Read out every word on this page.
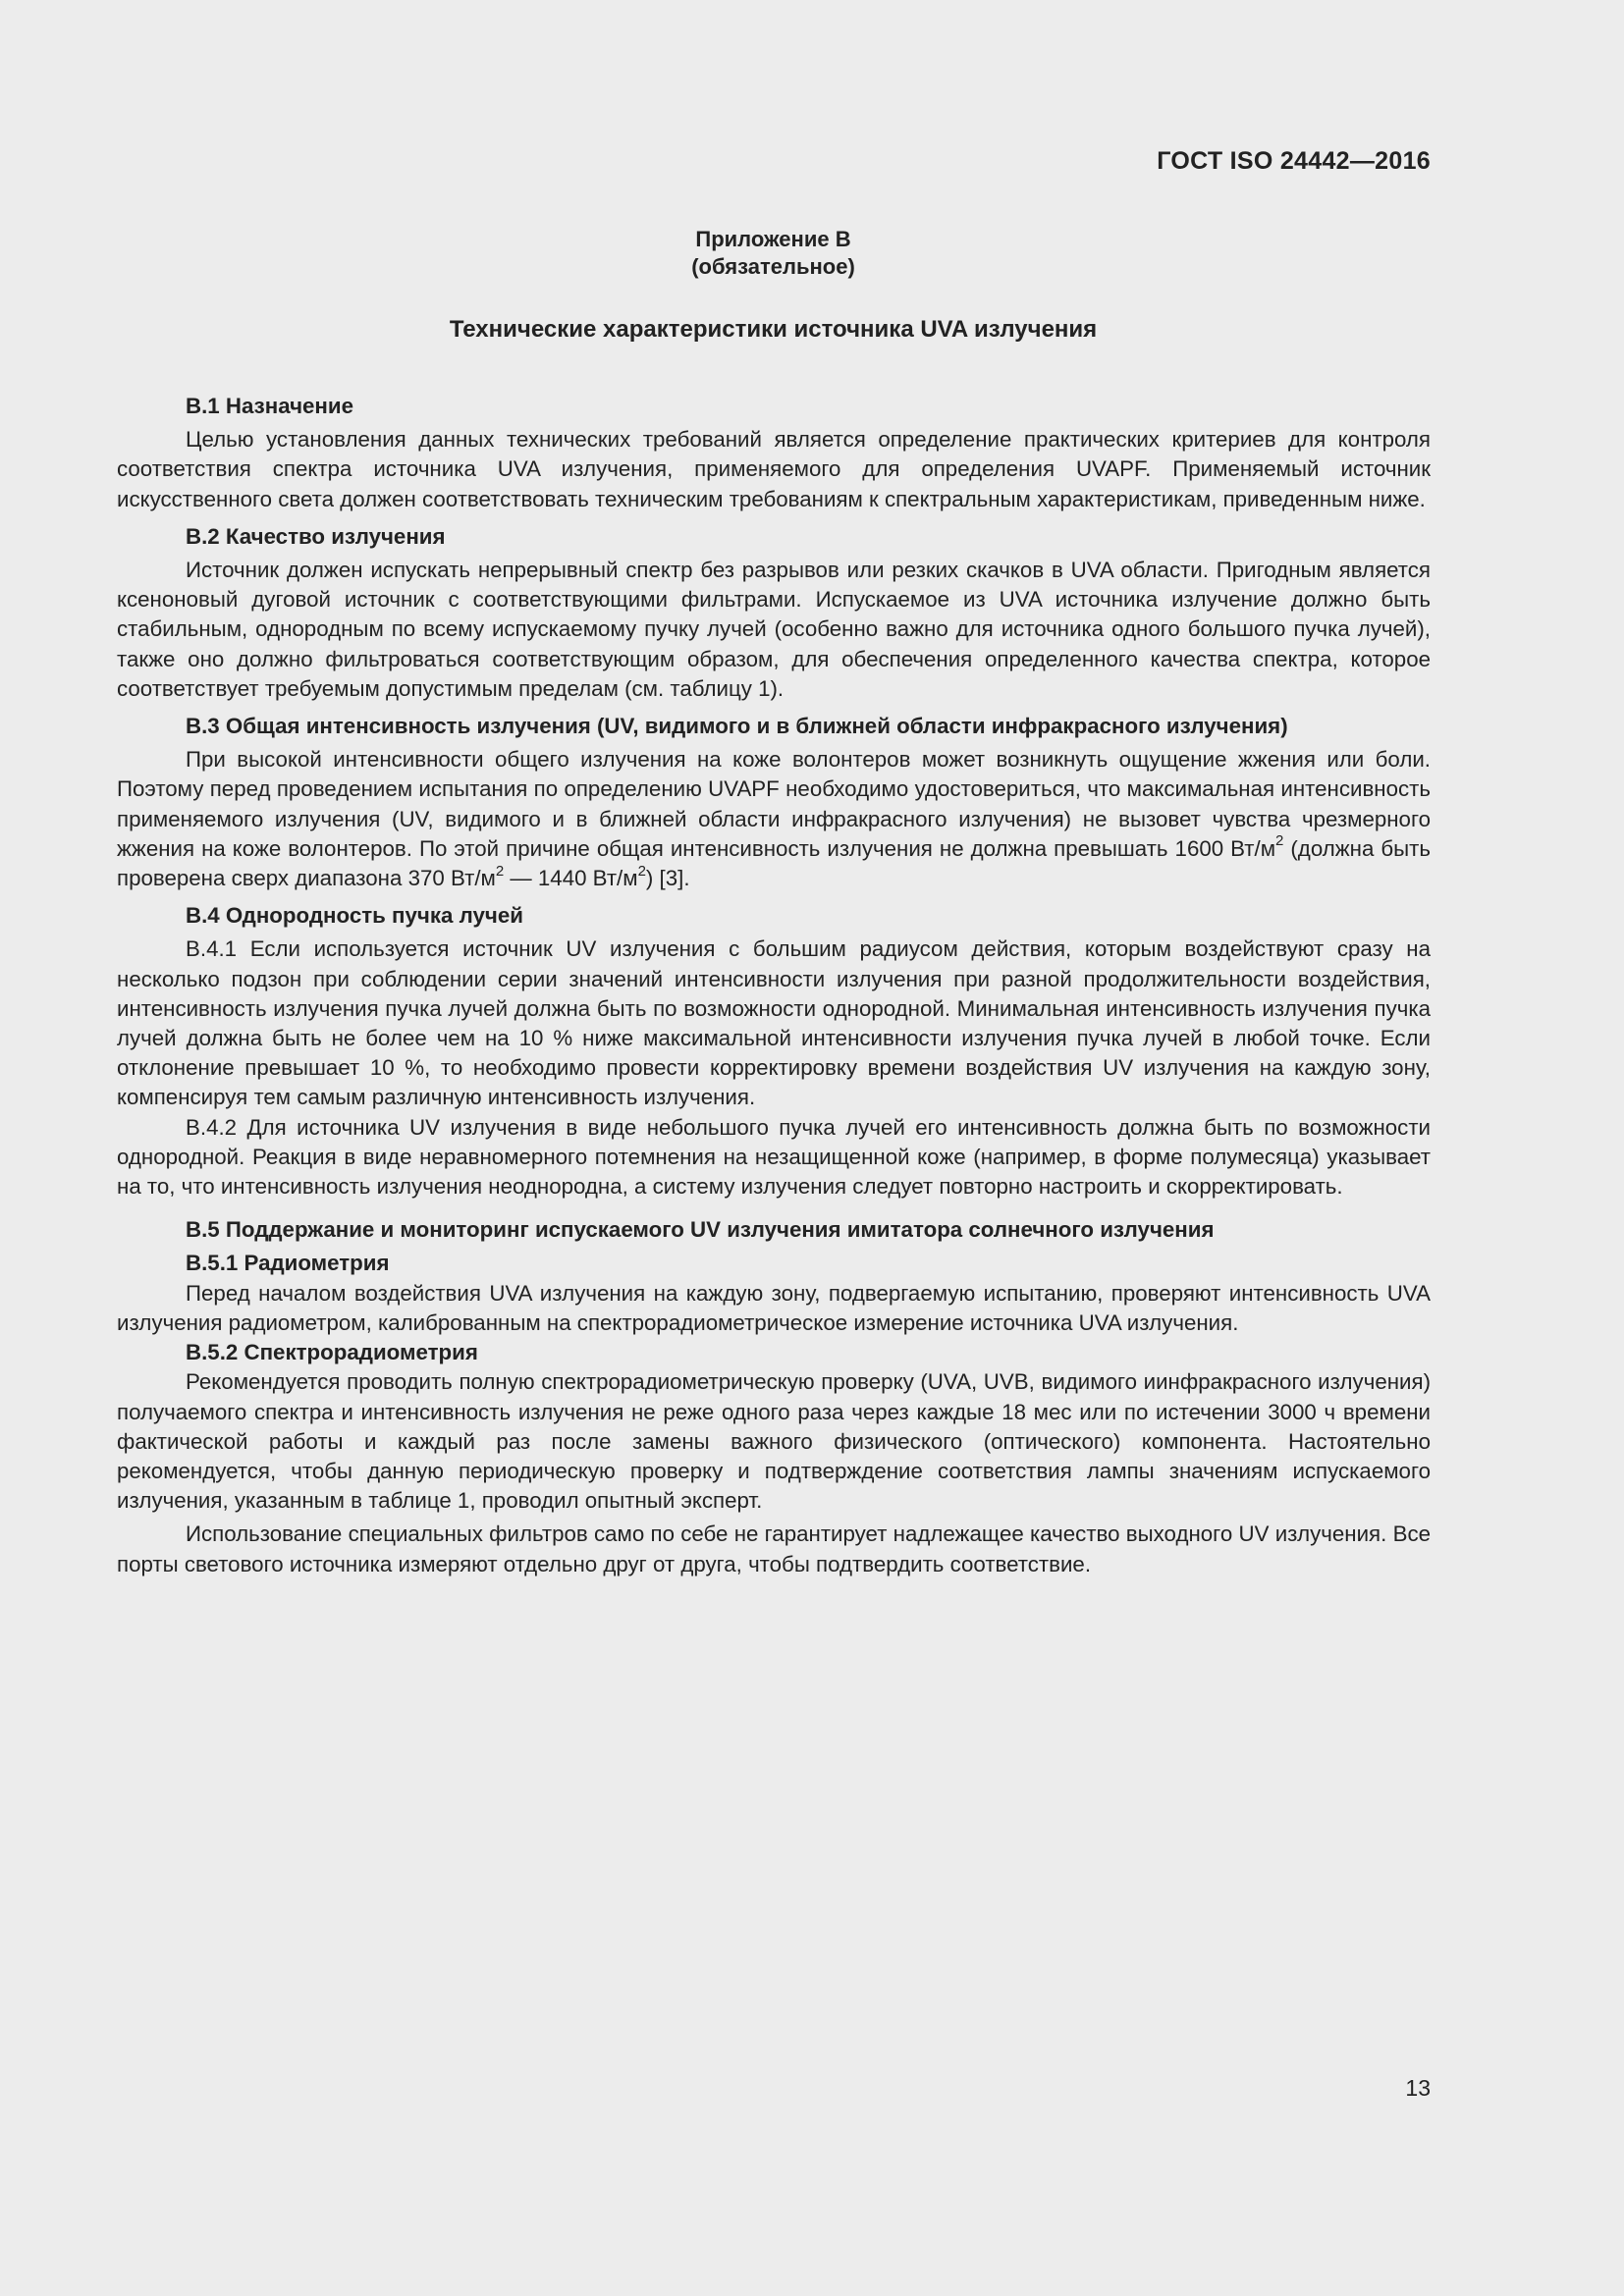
ГОСТ ISO 24442—2016
Приложение В
(обязательное)
Технические характеристики источника UVA излучения
В.1 Назначение

Целью установления данных технических требований является определение практических критериев для контроля соответствия спектра источника UVA излучения, применяемого для определения UVAPF. Применяемый источник искусственного света должен соответствовать техническим требованиям к спектральным характеристикам, приведенным ниже.

В.2 Качество излучения

Источник должен испускать непрерывный спектр без разрывов или резких скачков в UVA области. Пригодным является ксеноновый дуговой источник с соответствующими фильтрами. Испускаемое из UVA источника излучение должно быть стабильным, однородным по всему испускаемому пучку лучей (особенно важно для источника одного большого пучка лучей), также оно должно фильтроваться соответствующим образом, для обеспечения определенного качества спектра, которое соответствует требуемым допустимым пределам (см. таблицу 1).

В.3 Общая интенсивность излучения (UV, видимого и в ближней области инфракрасного излучения)

При высокой интенсивности общего излучения на коже волонтеров может возникнуть ощущение жжения или боли. Поэтому перед проведением испытания по определению UVAPF необходимо удостовериться, что максимальная интенсивность применяемого излучения (UV, видимого и в ближней области инфракрасного излучения) не вызовет чувства чрезмерного жжения на коже волонтеров. По этой причине общая интенсивность излучения не должна превышать 1600 $Вт/м^2$ (должна быть проверена сверх диапазона 370 $Вт/м^2$ — 1440 $Вт/м^2$) [3].

В.4 Однородность пучка лучей

В.4.1 Если используется источник UV излучения с большим радиусом действия, которым воздействуют сразу на несколько подзон при соблюдении серии значений интенсивности излучения при разной продолжительности воздействия, интенсивность излучения пучка лучей должна быть по возможности однородной. Минимальная интенсивность излучения пучка лучей должна быть не более чем на 10 % ниже максимальной интенсивности излучения пучка лучей в любой точке. Если отклонение превышает 10 %, то необходимо провести корректировку времени воздействия UV излучения на каждую зону, компенсируя тем самым различную интенсивность излучения.

В.4.2 Для источника UV излучения в виде небольшого пучка лучей его интенсивность должна быть по возможности однородной. Реакция в виде неравномерного потемнения на незащищенной коже (например, в форме полумесяца) указывает на то, что интенсивность излучения неоднородна, а систему излучения следует повторно настроить и скорректировать.

В.5 Поддержание и мониторинг испускаемого UV излучения имитатора солнечного излучения
В.5.1 Радиометрия

Перед началом воздействия UVA излучения на каждую зону, подвергаемую испытанию, проверяют интенсивность UVA излучения радиометром, калиброванным на спектрорадиометрическое измерение источника UVA излучения.

В.5.2 Спектрорадиометрия

Рекомендуется проводить полную спектрорадиометрическую проверку (UVA, UVB, видимого иинфракрасного излучения) получаемого спектра и интенсивность излучения не реже одного раза через каждые 18 мес или по истечении 3000 ч времени фактической работы и каждый раз после замены важного физического (оптического) компонента. Настоятельно рекомендуется, чтобы данную периодическую проверку и подтверждение соответствия лампы значениям испускаемого излучения, указанным в таблице 1, проводил опытный эксперт.

Использование специальных фильтров само по себе не гарантирует надлежащее качество выходного UV излучения. Все порты светового источника измеряют отдельно друг от друга, чтобы подтвердить соответствие.

13
